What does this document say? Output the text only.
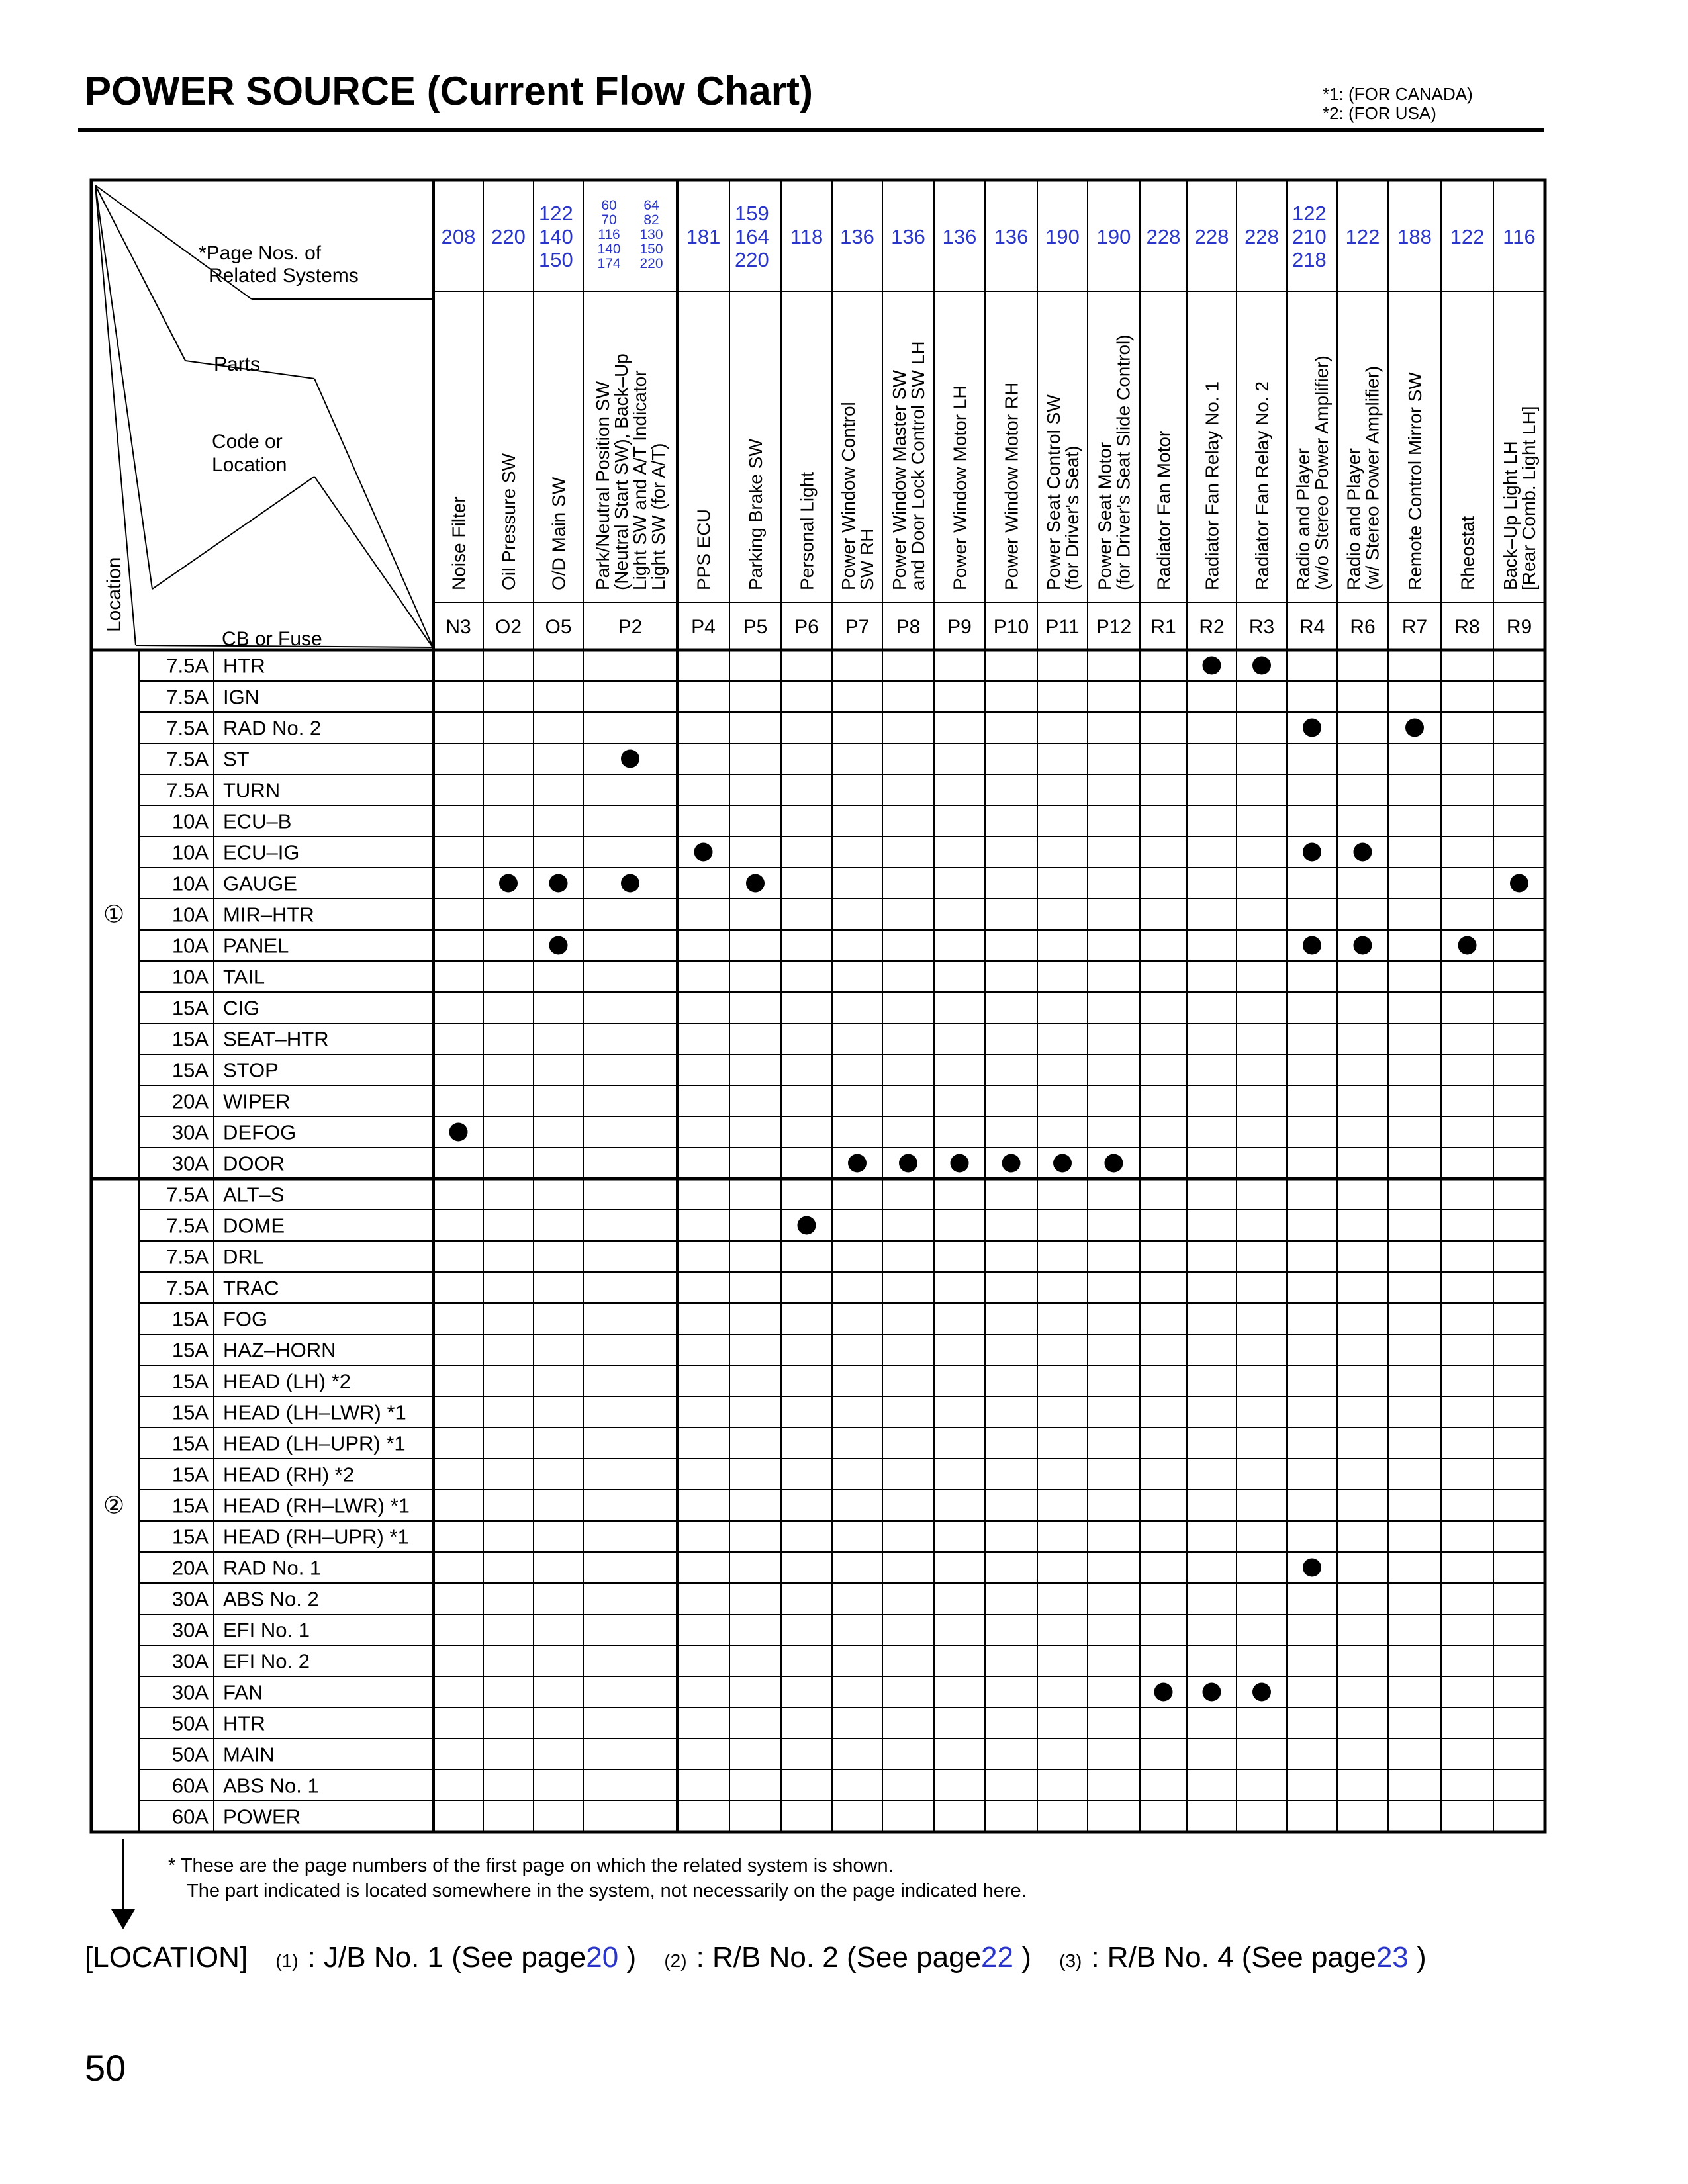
POWER SOURCE (Current Flow Chart)	*1: (FOR CANADA)
*2: (FOR USA)
*Page Nos. of
Related Systems
Parts
Code or
Location
CB or Fuse
Location
208
Noise Filter
N3
220
Oil Pressure SW
O2
122
140
150
O/D Main SW
O5
60 64
70 82
116 130
140 150
174 220
Park/Neutral Position SW
(Neutral Start SW), Back–Up
Light SW and A/T Indicator
Light SW (for A/T)
P2
181
PPS ECU
P4
159
164
220
Parking Brake SW
P5
118
Personal Light
P6
136
Power Window Control
SW RH
P7
136
Power Window Master SW
and Door Lock Control SW LH
P8
136
Power Window Motor LH
P9
136
Power Window Motor RH
P10
190
Power Seat Control SW
(for Driver's Seat)
P11
190
Power Seat Motor
(for Driver's Seat Slide Control)
P12
228
Radiator Fan Motor
R1
228
Radiator Fan Relay No. 1
R2
228
Radiator Fan Relay No. 2
R3
122
210
218
Radio and Player
(w/o Stereo Power Amplifier)
R4
122
Radio and Player
(w/ Stereo Power Amplifier)
R6
188
Remote Control Mirror SW
R7
122
Rheostat
R8
116
Back–Up Light LH
[Rear Comb. Light LH]
R9
①
7.5A HTR
7.5A IGN
7.5A RAD No. 2
7.5A ST
7.5A TURN
10A ECU–B
10A ECU–IG
10A GAUGE
10A MIR–HTR
10A PANEL
10A TAIL
15A CIG
15A SEAT–HTR
15A STOP
20A WIPER
30A DEFOG
30A DOOR
②
7.5A ALT–S
7.5A DOME
7.5A DRL
7.5A TRAC
15A FOG
15A HAZ–HORN
15A HEAD (LH) *2
15A HEAD (LH–LWR) *1
15A HEAD (LH–UPR) *1
15A HEAD (RH) *2
15A HEAD (RH–LWR) *1
15A HEAD (RH–UPR) *1
20A RAD No. 1
30A ABS No. 2
30A EFI No. 1
30A EFI No. 2
30A FAN
50A HTR
50A MAIN
60A ABS No. 1
60A POWER
* These are the page numbers of the first page on which the related system is shown.
The part indicated is located somewhere in the system, not necessarily on the page indicated here.
[LOCATION] (1) : J/B No. 1 (See page20 ) (2) : R/B No. 2 (See page22 ) (3) : R/B No. 4 (See page23 )
50
